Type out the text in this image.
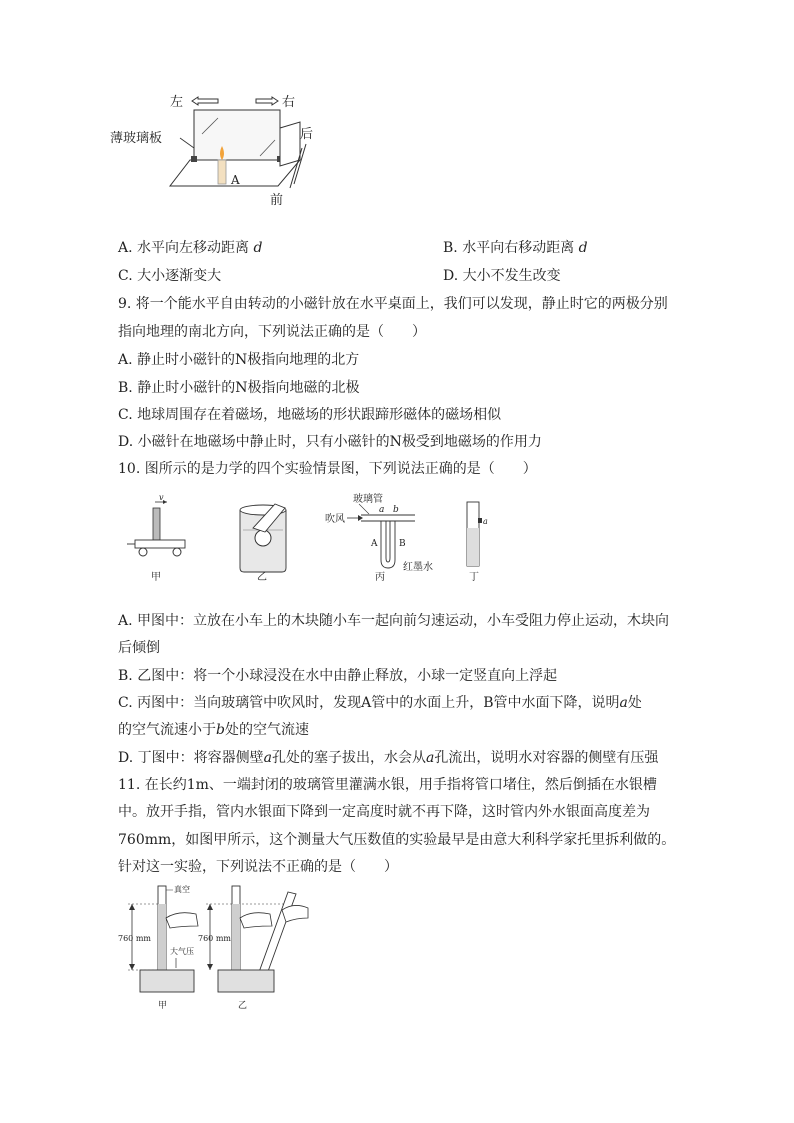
左	右
后
前
A
薄玻璃板
A. 水平向左移动距离 d	B. 水平向右移动距离 d
C. 大小逐渐变大	D. 大小不发生改变
9. 将一个能水平自由转动的小磁针放在水平桌面上，我们可以发现，静止时它的两极分别
指向地理的南北方向，下列说法正确的是（　　）
A. 静止时小磁针的N极指向地理的北方
B. 静止时小磁针的N极指向地磁的北极
C. 地球周围存在着磁场，地磁场的形状跟蹄形磁体的磁场相似
D. 小磁针在地磁场中静止时，只有小磁针的N极受到地磁场的作用力
10. 图所示的是力学的四个实验情景图，下列说法正确的是（　　）
v
甲	乙
玻璃管
吹风
a b
A B
红墨水
丙
a
丁
A. 甲图中：立放在小车上的木块随小车一起向前匀速运动，小车受阻力停止运动，木块向
后倾倒
B. 乙图中：将一个小球浸没在水中由静止释放，小球一定竖直向上浮起
C. 丙图中：当向玻璃管中吹风时，发现A管中的水面上升，B管中水面下降，说明a处
的空气流速小于b处的空气流速
D. 丁图中：将容器侧壁a孔处的塞子拔出，水会从a孔流出，说明水对容器的侧壁有压强
11. 在长约1m、一端封闭的玻璃管里灌满水银，用手指将管口堵住，然后倒插在水银槽
中。放开手指，管内水银面下降到一定高度时就不再下降，这时管内外水银面高度差为
760mm，如图甲所示，这个测量大气压数值的实验最早是由意大利科学家托里拆利做的。
针对这一实验，下列说法不正确的是（　　）
760 mm
真空
大气压
甲
760 mm
乙
